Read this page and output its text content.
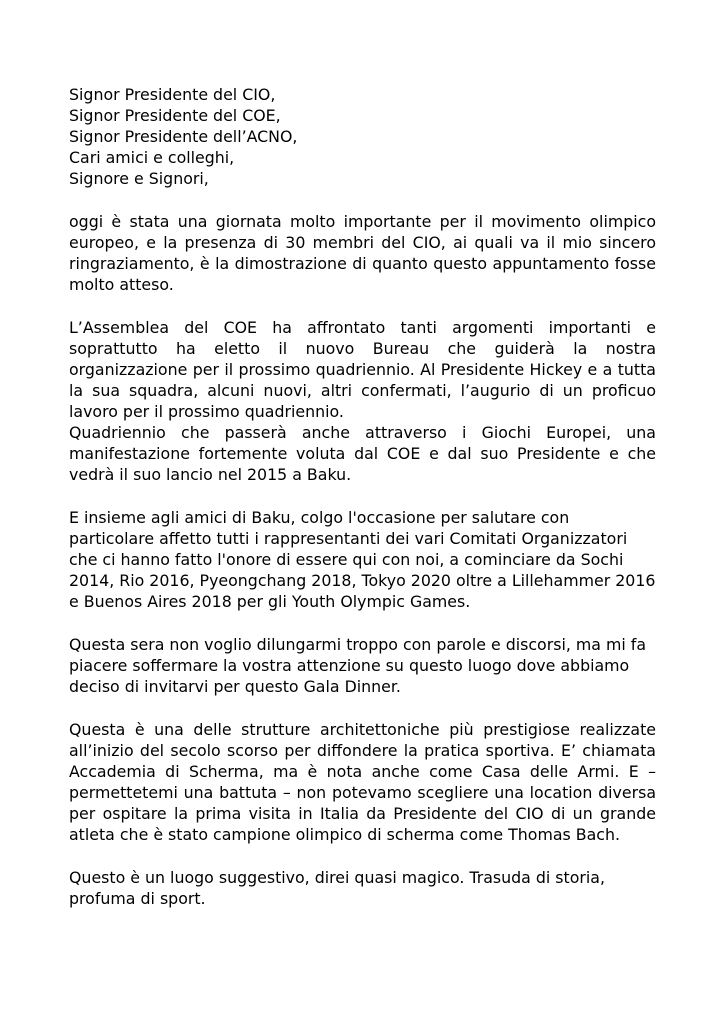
Signor Presidente del CIO,
Signor Presidente del COE,
Signor Presidente dell’ACNO,
Cari amici e colleghi,
Signore e Signori,

oggi è stata una giornata molto importante per il movimento olimpico europeo, e la presenza di 30 membri del CIO, ai quali va il mio sincero ringraziamento, è la dimostrazione di quanto questo appuntamento fosse molto atteso.

L’Assemblea del COE ha affrontato tanti argomenti importanti e soprattutto ha eletto il nuovo Bureau che guiderà la nostra organizzazione per il prossimo quadriennio. Al Presidente Hickey e a tutta la sua squadra, alcuni nuovi, altri confermati, l’augurio di un proficuo lavoro per il prossimo quadriennio.

Quadriennio che passerà anche attraverso i Giochi Europei, una manifestazione fortemente voluta dal COE e dal suo Presidente e che vedrà il suo lancio nel 2015 a Baku.

E insieme agli amici di Baku, colgo l'occasione per salutare con particolare affetto tutti i rappresentanti dei vari Comitati Organizzatori che ci hanno fatto l'onore di essere qui con noi, a cominciare da Sochi 2014, Rio 2016, Pyeongchang 2018, Tokyo 2020 oltre a Lillehammer 2016 e Buenos Aires 2018 per gli Youth Olympic Games.

Questa sera non voglio dilungarmi troppo con parole e discorsi, ma mi fa piacere soffermare la vostra attenzione su questo luogo dove abbiamo deciso di invitarvi per questo Gala Dinner.

Questa è una delle strutture architettoniche più prestigiose realizzate all’inizio del secolo scorso per diffondere la pratica sportiva. E’ chiamata Accademia di Scherma, ma è nota anche come Casa delle Armi. E – permettetemi una battuta – non potevamo scegliere una location diversa per ospitare la prima visita in Italia da Presidente del CIO di un grande atleta che è stato campione olimpico di scherma come Thomas Bach.

Questo è un luogo suggestivo, direi quasi magico. Trasuda di storia, profuma di sport.
